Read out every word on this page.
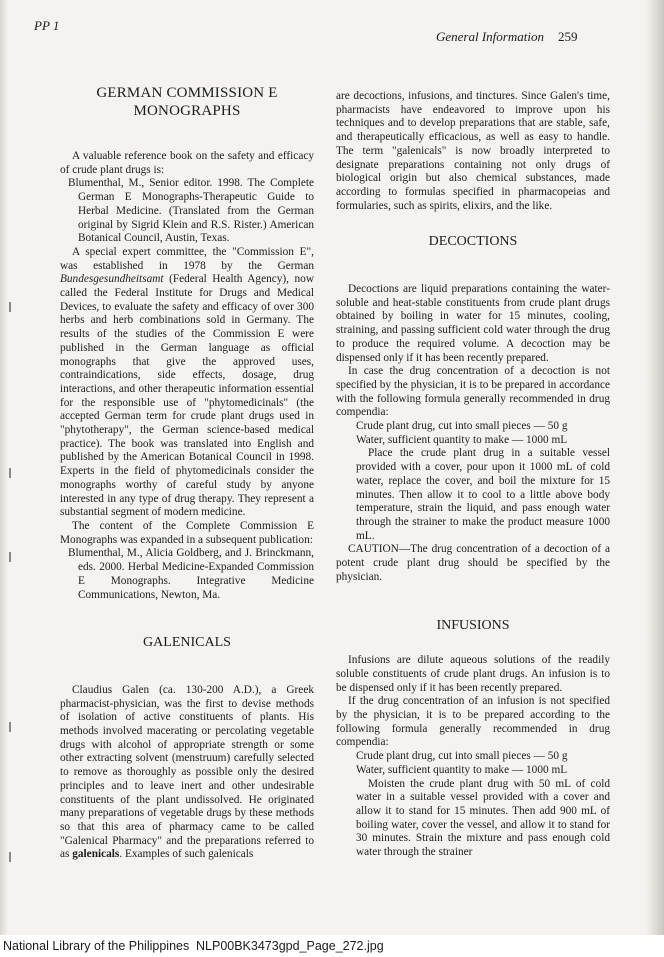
PP 1
General Information 259
GERMAN COMMISSION E
MONOGRAPHS

A valuable reference book on the safety and efficacy of crude plant drugs is:

Blumenthal, M., Senior editor. 1998. The Complete German E Monographs-Therapeutic Guide to Herbal Medicine. (Translated from the German original by Sigrid Klein and R.S. Rister.) American Botanical Council, Austin, Texas.

A special expert committee, the "Commission E", was established in 1978 by the German Bundesgesundheitsamt (Federal Health Agency), now called the Federal Institute for Drugs and Medical Devices, to evaluate the safety and efficacy of over 300 herbs and herb combinations sold in Germany. The results of the studies of the Commission E were published in the German language as official monographs that give the approved uses, contraindications, side effects, dosage, drug interactions, and other therapeutic information essential for the responsible use of "phytomedicinals" (the accepted German term for crude plant drugs used in "phytotherapy", the German science-based medical practice). The book was translated into English and published by the American Botanical Council in 1998. Experts in the field of phytomedicinals consider the monographs worthy of careful study by anyone interested in any type of drug therapy. They represent a substantial segment of modern medicine.

The content of the Complete Commission E Monographs was expanded in a subsequent publication:

Blumenthal, M., Alicia Goldberg, and J. Brinckmann, eds. 2000. Herbal Medicine-Expanded Commission E Monographs. Integrative Medicine Communications, Newton, Ma.

GALENICALS

Claudius Galen (ca. 130-200 A.D.), a Greek pharmacist-physician, was the first to devise methods of isolation of active constituents of plants. His methods involved macerating or percolating vegetable drugs with alcohol of appropriate strength or some other extracting solvent (menstruum) carefully selected to remove as thoroughly as possible only the desired principles and to leave inert and other undesirable constituents of the plant undissolved. He originated many preparations of vegetable drugs by these methods so that this area of pharmacy came to be called "Galenical Pharmacy" and the preparations referred to as galenicals. Examples of such galenicals

are decoctions, infusions, and tinctures. Since Galen's time, pharmacists have endeavored to improve upon his techniques and to develop preparations that are stable, safe, and therapeutically efficacious, as well as easy to handle. The term "galenicals" is now broadly interpreted to designate preparations containing not only drugs of biological origin but also chemical substances, made according to formulas specified in pharmacopeias and formularies, such as spirits, elixirs, and the like.

DECOCTIONS

Decoctions are liquid preparations containing the water-soluble and heat-stable constituents from crude plant drugs obtained by boiling in water for 15 minutes, cooling, straining, and passing sufficient cold water through the drug to produce the required volume. A decoction may be dispensed only if it has been recently prepared.

In case the drug concentration of a decoction is not specified by the physician, it is to be prepared in accordance with the following formula generally recommended in drug compendia:

Crude plant drug, cut into small pieces — 50 g

Water, sufficient quantity to make — 1000 mL

Place the crude plant drug in a suitable vessel provided with a cover, pour upon it 1000 mL of cold water, replace the cover, and boil the mixture for 15 minutes. Then allow it to cool to a little above body temperature, strain the liquid, and pass enough water through the strainer to make the product measure 1000 mL.

CAUTION—The drug concentration of a decoction of a potent crude plant drug should be specified by the physician.

INFUSIONS

Infusions are dilute aqueous solutions of the readily soluble constituents of crude plant drugs. An infusion is to be dispensed only if it has been recently prepared.

If the drug concentration of an infusion is not specified by the physician, it is to be prepared according to the following formula generally recommended in drug compendia:

Crude plant drug, cut into small pieces — 50 g

Water, sufficient quantity to make — 1000 mL

Moisten the crude plant drug with 50 mL of cold water in a suitable vessel provided with a cover and allow it to stand for 15 minutes. Then add 900 mL of boiling water, cover the vessel, and allow it to stand for 30 minutes. Strain the mixture and pass enough cold water through the strainer

National Library of the Philippines NLP00BK3473gpd_Page_272.jpg
